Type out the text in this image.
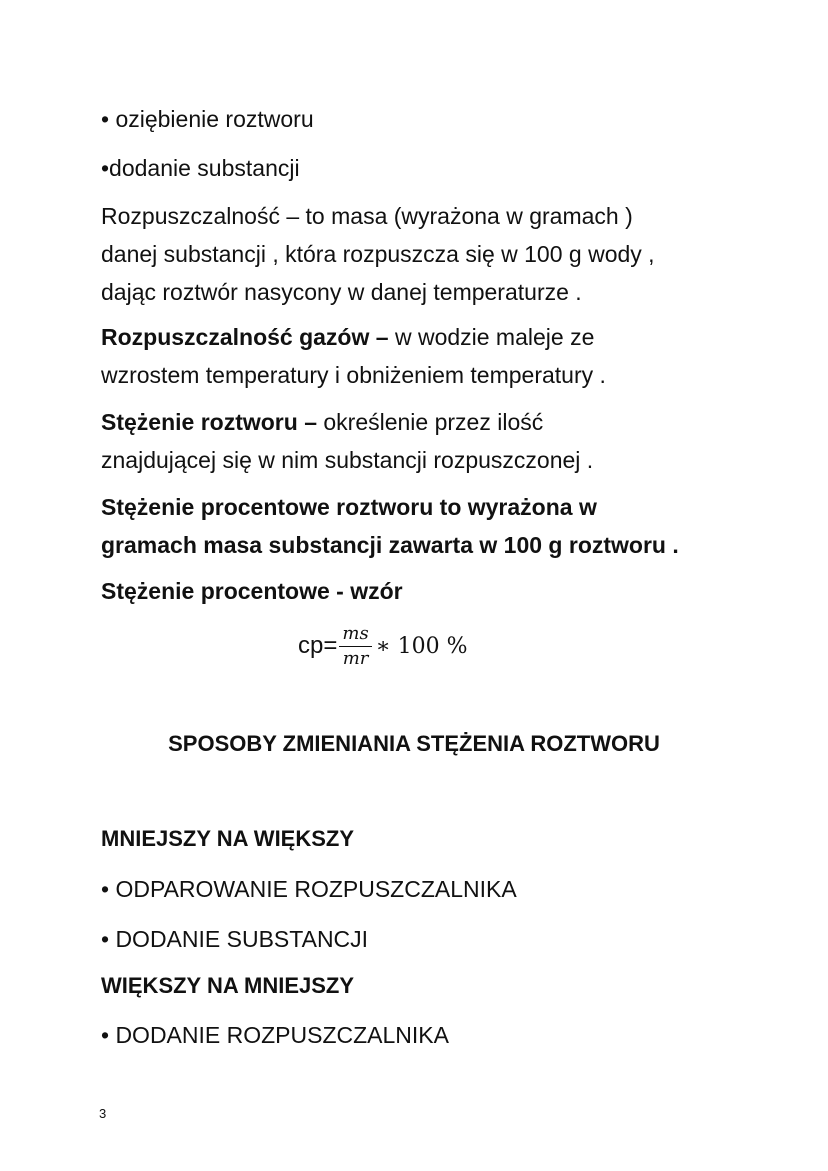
• oziębienie roztworu
•dodanie substancji
Rozpuszczalność – to masa (wyrażona w gramach )
danej substancji , która rozpuszcza się w 100 g wody ,
dając roztwór nasycony w danej temperaturze .
Rozpuszczalność gazów – w wodzie maleje ze
wzrostem temperatury i obniżeniem temperatury .
Stężenie roztworu – określenie przez ilość
znajdującej się w nim substancji rozpuszczonej .
Stężenie procentowe roztworu to wyrażona w
gramach masa substancji zawarta w 100 g roztworu .
Stężenie procentowe - wzór
$cp= \frac{ms}{mr}$ ∗ 100 %
SPOSOBY ZMIENIANIA STĘŻENIA ROZTWORU
MNIEJSZY NA WIĘKSZY
• ODPAROWANIE ROZPUSZCZALNIKA
• DODANIE SUBSTANCJI
WIĘKSZY NA MNIEJSZY
• DODANIE ROZPUSZCZALNIKA
3
